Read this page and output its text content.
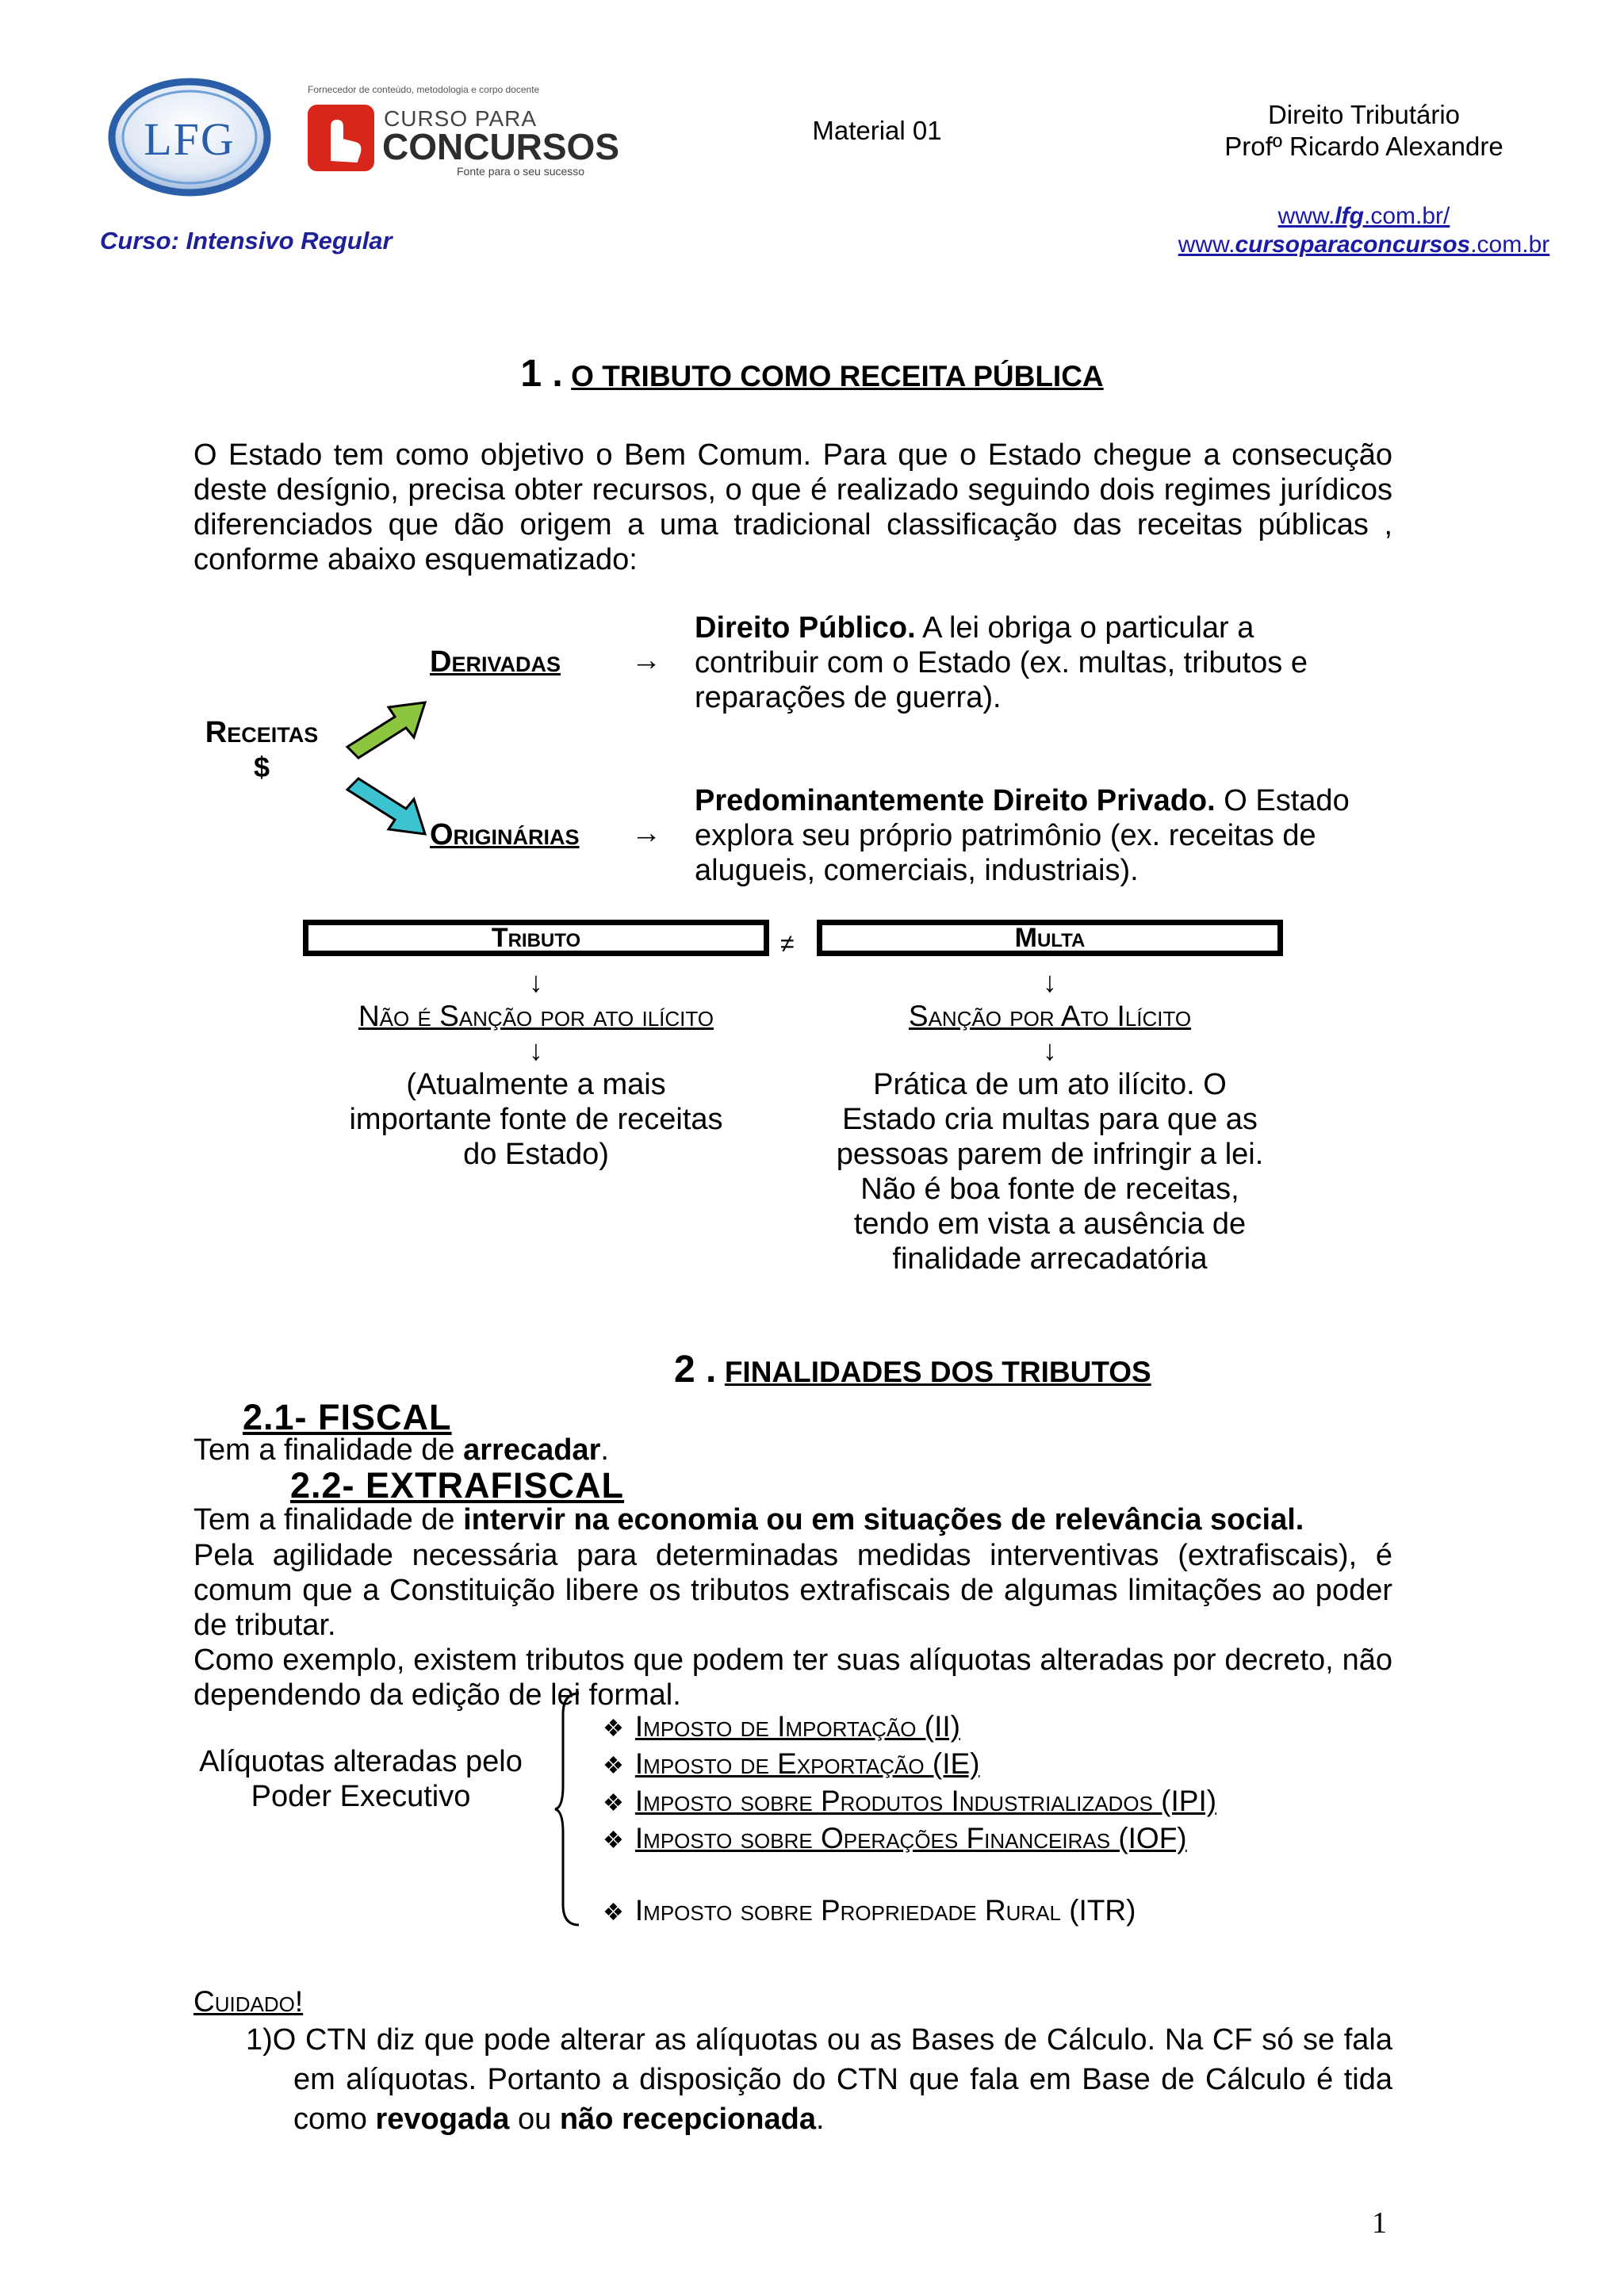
LFG
Fornecedor de conteúdo, metodologia e corpo docente
CURSO PARA
CONCURSOS
Fonte para o seu sucesso
Material 01
Direito Tributário
Profº Ricardo Alexandre
Curso: Intensivo Regular
www.lfg.com.br/
www.cursoparaconcursos.com.br
1 . O TRIBUTO COMO RECEITA PÚBLICA
O Estado tem como objetivo o Bem Comum. Para que o Estado chegue a consecução deste desígnio, precisa obter recursos, o que é realizado seguindo dois regimes jurídicos diferenciados que dão origem a uma tradicional classificação das receitas públicas , conforme abaixo esquematizado:
Receitas
$
Derivadas →
Direito Público. A lei obriga o particular a contribuir com o Estado (ex. multas, tributos e reparações de guerra).
Originárias →
Predominantemente Direito Privado. O Estado explora seu próprio patrimônio (ex. receitas de alugueis, comerciais, industriais).
Tributo	≠	Multa
↓
Não é Sanção por ato ilícito
↓
(Atualmente a mais importante fonte de receitas do Estado)
↓
Sanção por Ato Ilícito
↓
Prática de um ato ilícito. O Estado cria multas para que as pessoas parem de infringir a lei. Não é boa fonte de receitas, tendo em vista a ausência de finalidade arrecadatória
2 . FINALIDADES DOS TRIBUTOS
2.1- FISCAL
Tem a finalidade de arrecadar.
2.2- EXTRAFISCAL
Tem a finalidade de intervir na economia ou em situações de relevância social.
Pela agilidade necessária para determinadas medidas interventivas (extrafiscais), é comum que a Constituição libere os tributos extrafiscais de algumas limitações ao poder de tributar.
Como exemplo, existem tributos que podem ter suas alíquotas alteradas por decreto, não dependendo da edição de lei formal.
Alíquotas alteradas pelo
Poder Executivo
❖ Imposto de Importação (II)
❖ Imposto de Exportação (IE)
❖ Imposto sobre Produtos Industrializados (IPI)
❖ Imposto sobre Operações Financeiras (IOF)
❖ Imposto sobre Propriedade Rural (ITR)
Cuidado!
1)O CTN diz que pode alterar as alíquotas ou as Bases de Cálculo. Na CF só se fala em alíquotas. Portanto a disposição do CTN que fala em Base de Cálculo é tida como revogada ou não recepcionada.
1
